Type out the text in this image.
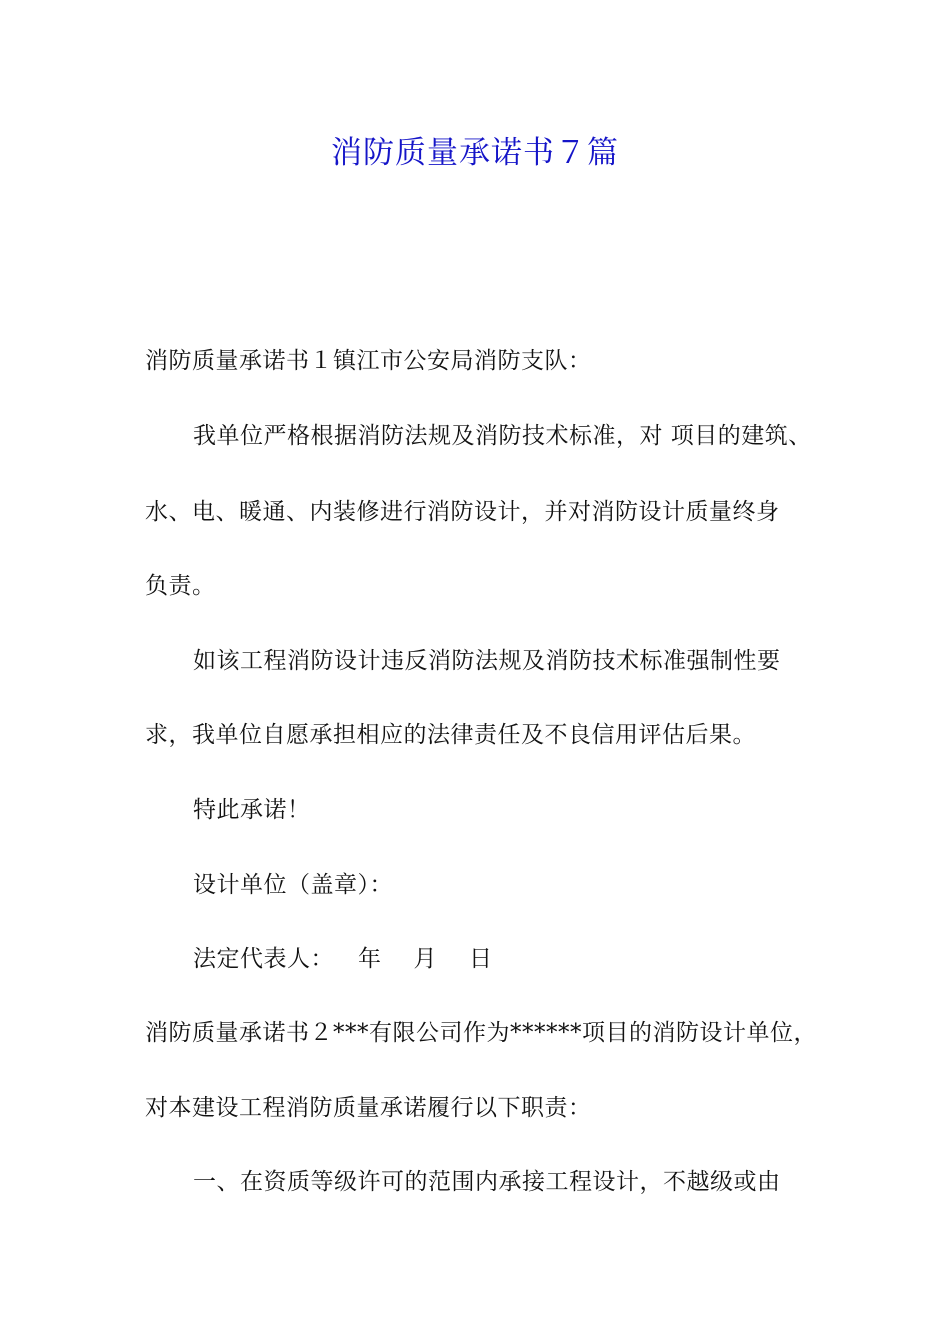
消防质量承诺书７篇
消防质量承诺书１镇江市公安局消防支队：
我单位严格根据消防法规及消防技术标准，对 项目的建筑、
水、电、暖通、内装修进行消防设计，并对消防设计质量终身
负责。
如该工程消防设计违反消防法规及消防技术标准强制性要
求，我单位自愿承担相应的法律责任及不良信用评估后果。
特此承诺！
设计单位（盖章）：
法定代表人： 年 月 日
消防质量承诺书２***有限公司作为******项目的消防设计单位，
对本建设工程消防质量承诺履行以下职责：
一、在资质等级许可的范围内承接工程设计，不越级或由
